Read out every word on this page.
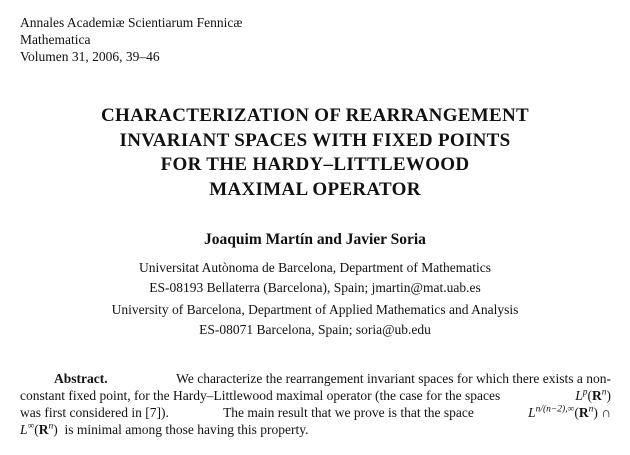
Annales Academiæ Scientiarum Fennicæ
Mathematica
Volumen 31, 2006, 39–46
CHARACTERIZATION OF REARRANGEMENT
INVARIANT SPACES WITH FIXED POINTS
FOR THE HARDY–LITTLEWOOD
MAXIMAL OPERATOR
Joaquim Martín and Javier Soria
Universitat Autònoma de Barcelona, Department of Mathematics
ES-08193 Bellaterra (Barcelona), Spain; jmartin@mat.uab.es
University of Barcelona, Department of Applied Mathematics and Analysis
ES-08071 Barcelona, Spain; soria@ub.edu
Abstract.	We characterize the rearrangement invariant spaces for which there exists a non-
constant fixed point, for the Hardy–Littlewood maximal operator (the case for the spaces	$L^p(R^n)$
was first considered in [7]).	The main result that we prove is that the space	$L^{n/(n-2),\infty}(R^n)$ ∩
$L^\infty(R^n)$
is minimal among those having this property.
